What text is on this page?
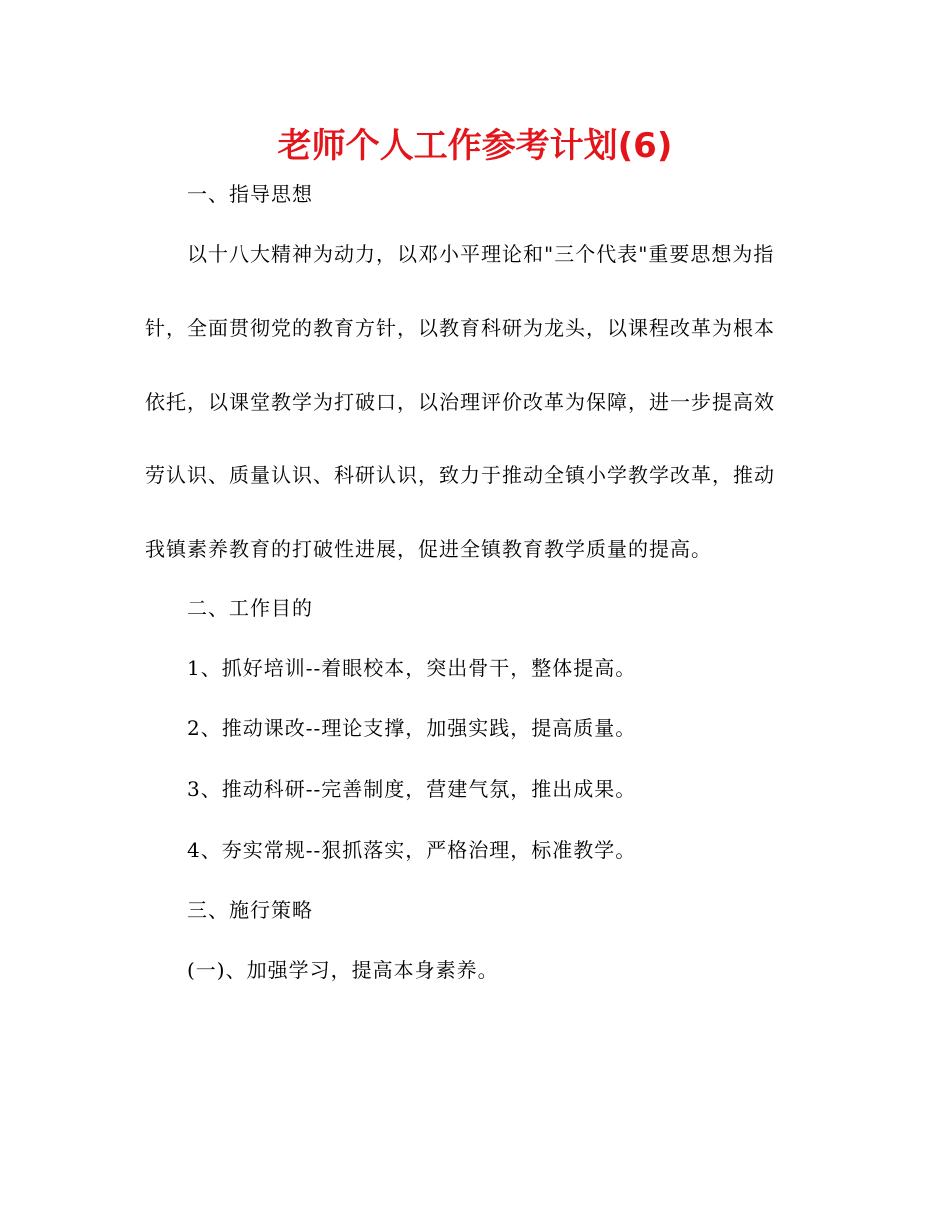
老师个人工作参考计划(6)
一、指导思想
以十八大精神为动力，以邓小平理论和"三个代表"重要思想为指
针，全面贯彻党的教育方针，以教育科研为龙头，以课程改革为根本
依托，以课堂教学为打破口，以治理评价改革为保障，进一步提高效
劳认识、质量认识、科研认识，致力于推动全镇小学教学改革，推动
我镇素养教育的打破性进展，促进全镇教育教学质量的提高。
二、工作目的
1、抓好培训--着眼校本，突出骨干，整体提高。
2、推动课改--理论支撑，加强实践，提高质量。
3、推动科研--完善制度，营建气氛，推出成果。
4、夯实常规--狠抓落实，严格治理，标准教学。
三、施行策略
(一)、加强学习，提高本身素养。
